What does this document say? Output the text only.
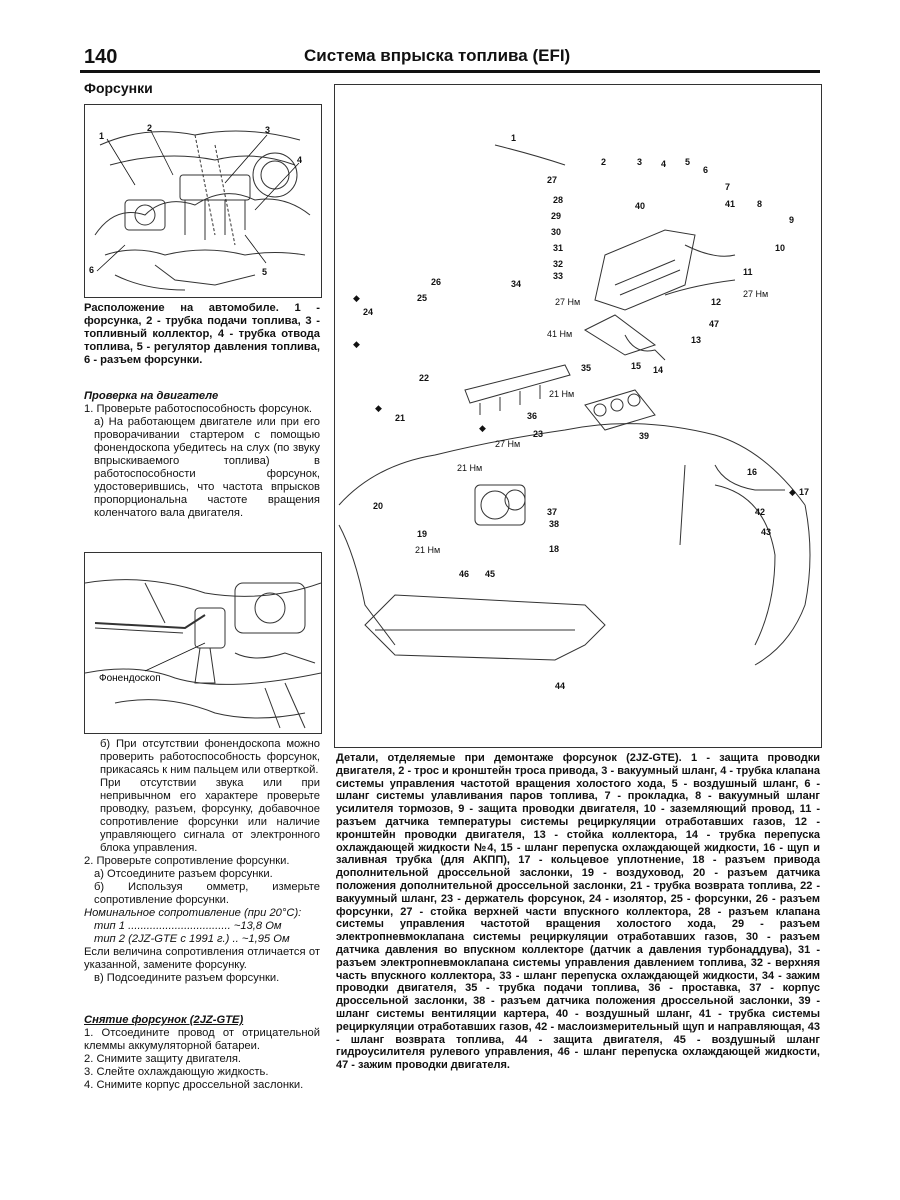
140	Система впрыска топлива (EFI)
Форсунки
1
2	3
4
5
6

Расположение на автомобиле. 1 - форсунка, 2 - трубка подачи топлива, 3 - топливный коллектор, 4 - трубка отвода топлива, 5 - регулятор давления топлива, 6 - разъем форсунки.

Проверка на двигателе

1. Проверьте работоспособность форсунок.

а) На работающем двигателе или при его проворачивании стартером с помощью фонендоскопа убедитесь на слух (по звуку впрыскиваемого топлива) в работоспособности форсунок, удостоверившись, что частота впрысков пропорциональна частоте вращения коленчатого вала двигателя.

Фонендоскоп

б) При отсутствии фонендоскопа можно проверить работоспособность форсунок, прикасаясь к ним пальцем или отверткой.

При отсутствии звука или при непривычном его характере проверьте проводку, разъем, форсунку, добавочное сопротивление форсунки или наличие управляющего сигнала от электронного блока управления.

2. Проверьте сопротивление форсунки.

а) Отсоедините разъем форсунки.

б) Используя омметр, измерьте сопротивление форсунки.

Номинальное сопротивление (при 20°С):

тип 1 ................................. ~13,8 Ом

тип 2 (2JZ-GTE с 1991 г.) .. ~1,95 Ом

Если величина сопротивления отличается от указанной, замените форсунку.

в) Подсоедините разъем форсунки.

Снятие форсунок (2JZ-GTE)

1. Отсоедините провод от отрицательной клеммы аккумуляторной батареи.

2. Снимите защиту двигателя.

3. Слейте охлаждающую жидкость.

4. Снимите корпус дроссельной заслонки.

1
2	3 4 5
6
7
8
9
10
11
12
13
14
15
16
17
18
19
20
21
22
23
24
25
26
27
28
29
30
31
32
33
34
35
36
37
38
39
40	41
42
43
44
45
46
47
27 Нм
27 Нм
41 Нм
21 Нм
27 Нм
21 Нм
21 Нм
◆
◆
◆
◆
◆
Детали, отделяемые при демонтаже форсунок (2JZ-GTE). 1 - защита проводки двигателя, 2 - трос и кронштейн троса привода, 3 - вакуумный шланг, 4 - трубка клапана системы управления частотой вращения холостого хода, 5 - воздушный шланг, 6 - шланг системы улавливания паров топлива, 7 - прокладка, 8 - вакуумный шланг усилителя тормозов, 9 - защита проводки двигателя, 10 - заземляющий провод, 11 - разъем датчика температуры системы рециркуляции отработавших газов, 12 - кронштейн проводки двигателя, 13 - стойка коллектора, 14 - трубка перепуска охлаждающей жидкости №4, 15 - шланг перепуска охлаждающей жидкости, 16 - щуп и заливная трубка (для АКПП), 17 - кольцевое уплотнение, 18 - разъем привода дополнительной дроссельной заслонки, 19 - воздуховод, 20 - разъем датчика положения дополнительной дроссельной заслонки, 21 - трубка возврата топлива, 22 - вакуумный шланг, 23 - держатель форсунок, 24 - изолятор, 25 - форсунки, 26 - разъем форсунки, 27 - стойка верхней части впускного коллектора, 28 - разъем клапана системы управления частотой вращения холостого хода, 29 - разъем электропневмоклапана системы рециркуляции отработавших газов, 30 - разъем датчика давления во впускном коллекторе (датчик а давления турбонаддува), 31 - разъем электропневмоклапана системы управления давлением топлива, 32 - верхняя часть впускного коллектора, 33 - шланг перепуска охлаждающей жидкости, 34 - зажим проводки двигателя, 35 - трубка подачи топлива, 36 - проставка, 37 - корпус дроссельной заслонки, 38 - разъем датчика положения дроссельной заслонки, 39 - шланг системы вентиляции картера, 40 - воздушный шланг, 41 - трубка системы рециркуляции отработавших газов, 42 - маслоизмерительный щуп и направляющая, 43 - шланг возврата топлива, 44 - защита двигателя, 45 - воздушный шланг гидроусилителя рулевого управления, 46 - шланг перепуска охлаждающей жидкости, 47 - зажим проводки двигателя.
